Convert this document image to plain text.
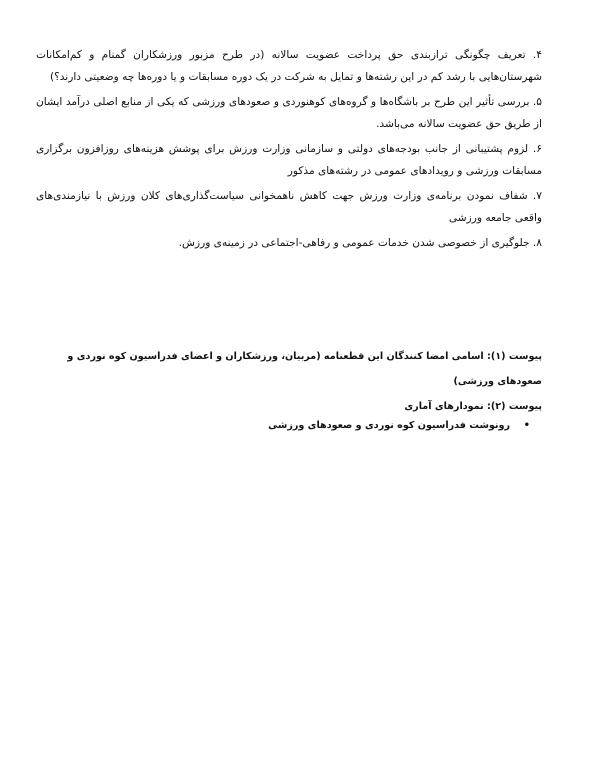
۴. تعریف چگونگی ترازبندی حق پرداخت عضویت سالانه (در طرح مزبور ورزشکاران گمنام و کم‌امکانات شهرستان‌هایی با رشد کم در این رشته‌ها و تمایل به شرکت در یک دوره مسابقات و یا دوره‌ها چه وضعیتی دارند؟)

۵. بررسی تأثیر این طرح بر باشگاه‌ها و گروه‌های کوهنوردی و صعودهای ورزشی که یکی از منابع اصلی درآمد ایشان از طریق حق عضویت سالانه می‌باشد.

۶. لزوم پشتیبانی از جانب بودجه‌های دولتی و سازمانی وزارت ورزش برای پوشش هزینه‌های روزافزون برگزاری مسابقات ورزشی و رویدادهای عمومی در رشته‌های مذکور

۷. شفاف نمودن برنامه‌ی وزارت ورزش جهت کاهش ناهمخوانی سیاست‌گذاری‌های کلان ورزش با نیازمندی‌های واقعی جامعه ورزشی

۸. جلوگیری از خصوصی شدن خدمات عمومی و رفاهی-اجتماعی در زمینه‌ی ورزش.

پیوست (۱): اسامی امضا کنندگان این قطعنامه (مربیان، ورزشکاران و اعضای فدراسیون کوه نوردی و صعودهای ورزشی)

پیوست (۲): نمودارهای آماری

•
رونوشت فدراسیون کوه نوردی و صعودهای ورزشی
